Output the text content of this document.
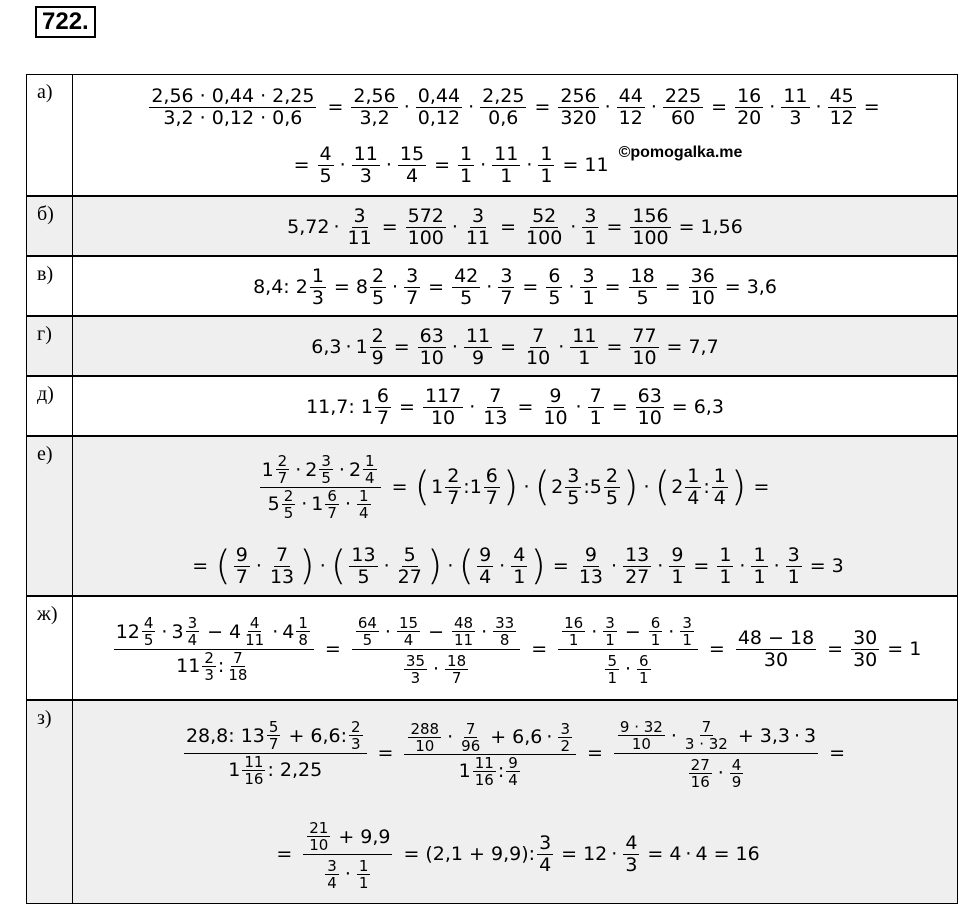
722.
а)	$\frac{2,56 \cdot 0,44 \cdot 2,25}{3,2 \cdot 0,12 \cdot 0,6} = \frac{2,56}{3,2}$ ·
0,44
$0,12 \cdot \frac{2,25}{0,6} = \frac{256}{320}$ ·
44
$12 \cdot \frac{225}{60} = \frac{16}{20}$ ·
11
$3 \cdot \frac{45}{12}$ =
= $\frac{4}{5}$ ·
11
$3 \cdot \frac{15}{4} = \frac{1}{1}$ ·
11
$1 \cdot \frac{1}{1} = 11$
©pomogalka.me
б)
$5,72 \cdot \frac{3}{11} = \frac{572}{100} \cdot \frac{3}{11} = \frac{52}{100} \cdot \frac{3}{1} = \frac{156}{100} = 1,56$
в)
8,4 :
2
1
3 = 8
2
$5 \cdot \frac{3}{7} = \frac{42}{5} \cdot \frac{3}{7} = \frac{6}{5} \cdot \frac{3}{1} = \frac{18}{5} = \frac{36}{10} = 3,6$
г)
6,3 · 1
2
$9 = \frac{63}{10} \cdot \frac{11}{9} = \frac{7}{10} \cdot \frac{11}{1} = \frac{77}{10} = 7,7$
д)
11,7 :
1
6
$7 = \frac{117}{10} \cdot \frac{7}{13} = \frac{9}{10} \cdot \frac{7}{1} = \frac{63}{10} = 6,3$
е)	1 2
7 · 2 3
5 · 2 1
4
5 2
5 · 1 6
7 · 1
4 = ( 1
2
7 : 1
6
7 ) · ( 2
3
5 : 5
2
5 ) · ( 2
1
4 :
1
4 ) =
= ( 9
7 ·
7
13 ) · ( 13
5 ·
5
27 ) · ( 9
4 ·
4
1 ) = $\frac{9}{13}$ ·
13
$27 \cdot \frac{9}{1} = \frac{1}{1}$ ·
1
$1 \cdot \frac{3}{1} = 3$
ж)
12 4
5 · 3 3
4 − 4 4
11 · 4 1
8
11 2
3 : 7
18 = 64
5 · 15
$4 - \frac{48}{11} \cdot 33$
8
35
3 · 18
7 = 16
1 · 3
$1 - \frac{6}{1} \cdot 3$
1
5
1 · 6
$1 = \frac{48 - 18}{30} = \frac{30}{30} = 1$
з)
28,8 :
13 5
7 + 6,6 : 2
3
1 11
16 :
2,25 = 288
10 · 7
96 + 6,6 · 3
2
1 11
16 : 9
4 = 9 · 32
10 · 7
3 · 32 + 3,3 · 3
27
16 · 4
9 =
= 21
10 + 9,9
3
4 · 1
1 = (2,1 + 9,9) : $\frac{3}{4} = 12 \cdot \frac{4}{3} = 4 \cdot 4 = 16$
